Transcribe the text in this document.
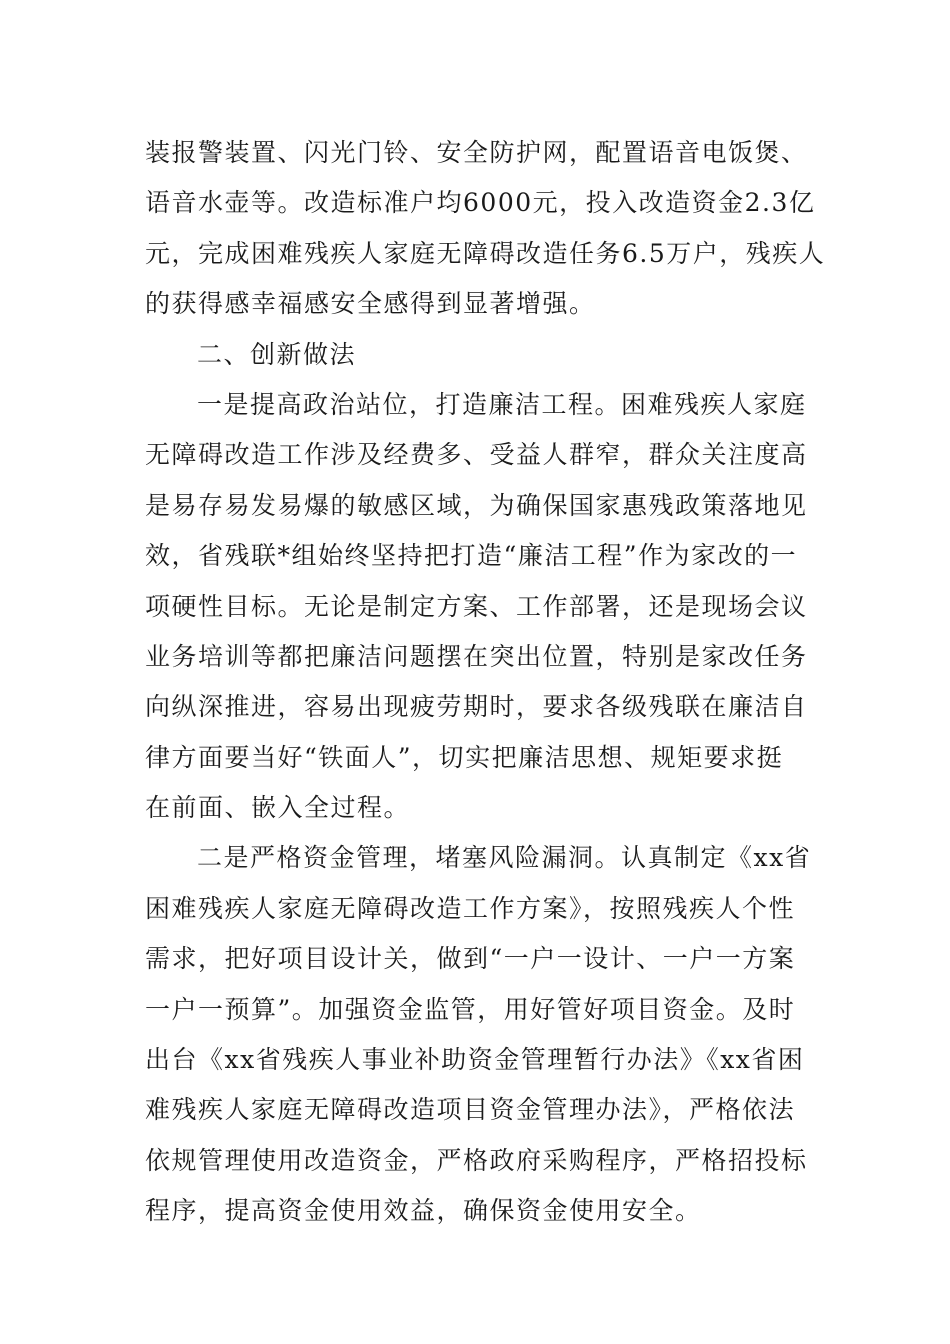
装报警装置、闪光门铃、安全防护网，配置语音电饭煲、
语音水壶等。改造标准户均6000元，投入改造资金2.3亿
元，完成困难残疾人家庭无障碍改造任务6.5万户，残疾人
的获得感幸福感安全感得到显著增强。
二、创新做法
一是提高政治站位，打造廉洁工程。困难残疾人家庭
无障碍改造工作涉及经费多、受益人群窄，群众关注度高
是易存易发易爆的敏感区域，为确保国家惠残政策落地见
效，省残联*组始终坚持把打造“廉洁工程”作为家改的一
项硬性目标。无论是制定方案、工作部署，还是现场会议
业务培训等都把廉洁问题摆在突出位置，特别是家改任务
向纵深推进，容易出现疲劳期时，要求各级残联在廉洁自
律方面要当好“铁面人”，切实把廉洁思想、规矩要求挺
在前面、嵌入全过程。
二是严格资金管理，堵塞风险漏洞。认真制定《xx省
困难残疾人家庭无障碍改造工作方案》，按照残疾人个性
需求，把好项目设计关，做到“一户一设计、一户一方案
一户一预算”。加强资金监管，用好管好项目资金。及时
出台《xx省残疾人事业补助资金管理暂行办法》《xx省困
难残疾人家庭无障碍改造项目资金管理办法》，严格依法
依规管理使用改造资金，严格政府采购程序，严格招投标
程序，提高资金使用效益，确保资金使用安全。
